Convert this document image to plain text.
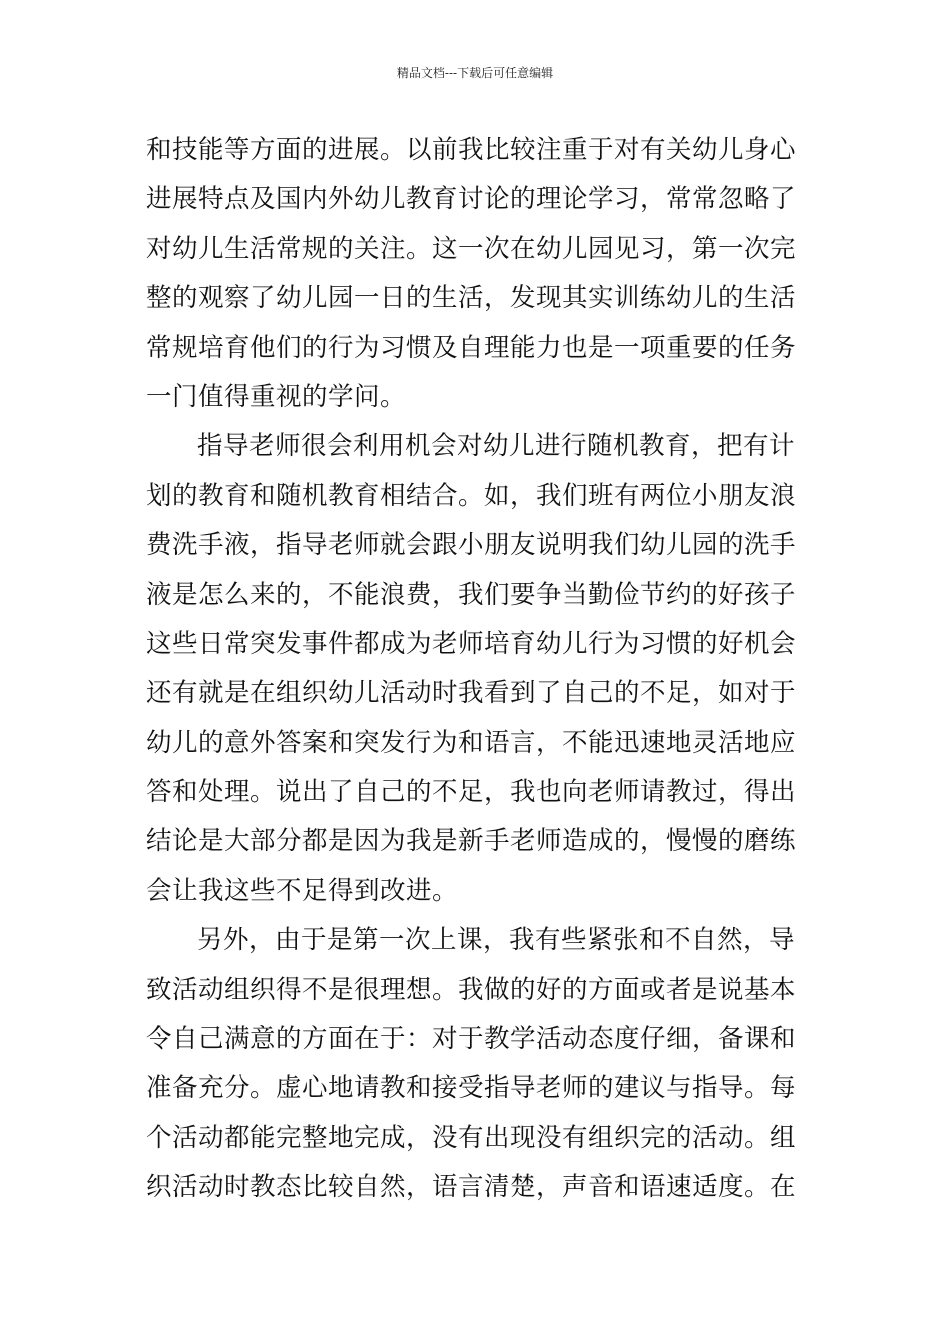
精品文档---下载后可任意编辑
和技能等方面的进展。以前我比较注重于对有关幼儿身心
进展特点及国内外幼儿教育讨论的理论学习，常常忽略了
对幼儿生活常规的关注。这一次在幼儿园见习，第一次完
整的观察了幼儿园一日的生活，发现其实训练幼儿的生活
常规培育他们的行为习惯及自理能力也是一项重要的任务
一门值得重视的学问。
指导老师很会利用机会对幼儿进行随机教育，把有计
划的教育和随机教育相结合。如，我们班有两位小朋友浪
费洗手液，指导老师就会跟小朋友说明我们幼儿园的洗手
液是怎么来的，不能浪费，我们要争当勤俭节约的好孩子
这些日常突发事件都成为老师培育幼儿行为习惯的好机会
还有就是在组织幼儿活动时我看到了自己的不足，如对于
幼儿的意外答案和突发行为和语言，不能迅速地灵活地应
答和处理。说出了自己的不足，我也向老师请教过，得出
结论是大部分都是因为我是新手老师造成的，慢慢的磨练
会让我这些不足得到改进。
另外，由于是第一次上课，我有些紧张和不自然，导
致活动组织得不是很理想。我做的好的方面或者是说基本
令自己满意的方面在于：对于教学活动态度仔细，备课和
准备充分。虚心地请教和接受指导老师的建议与指导。每
个活动都能完整地完成，没有出现没有组织完的活动。组
织活动时教态比较自然，语言清楚，声音和语速适度。在
